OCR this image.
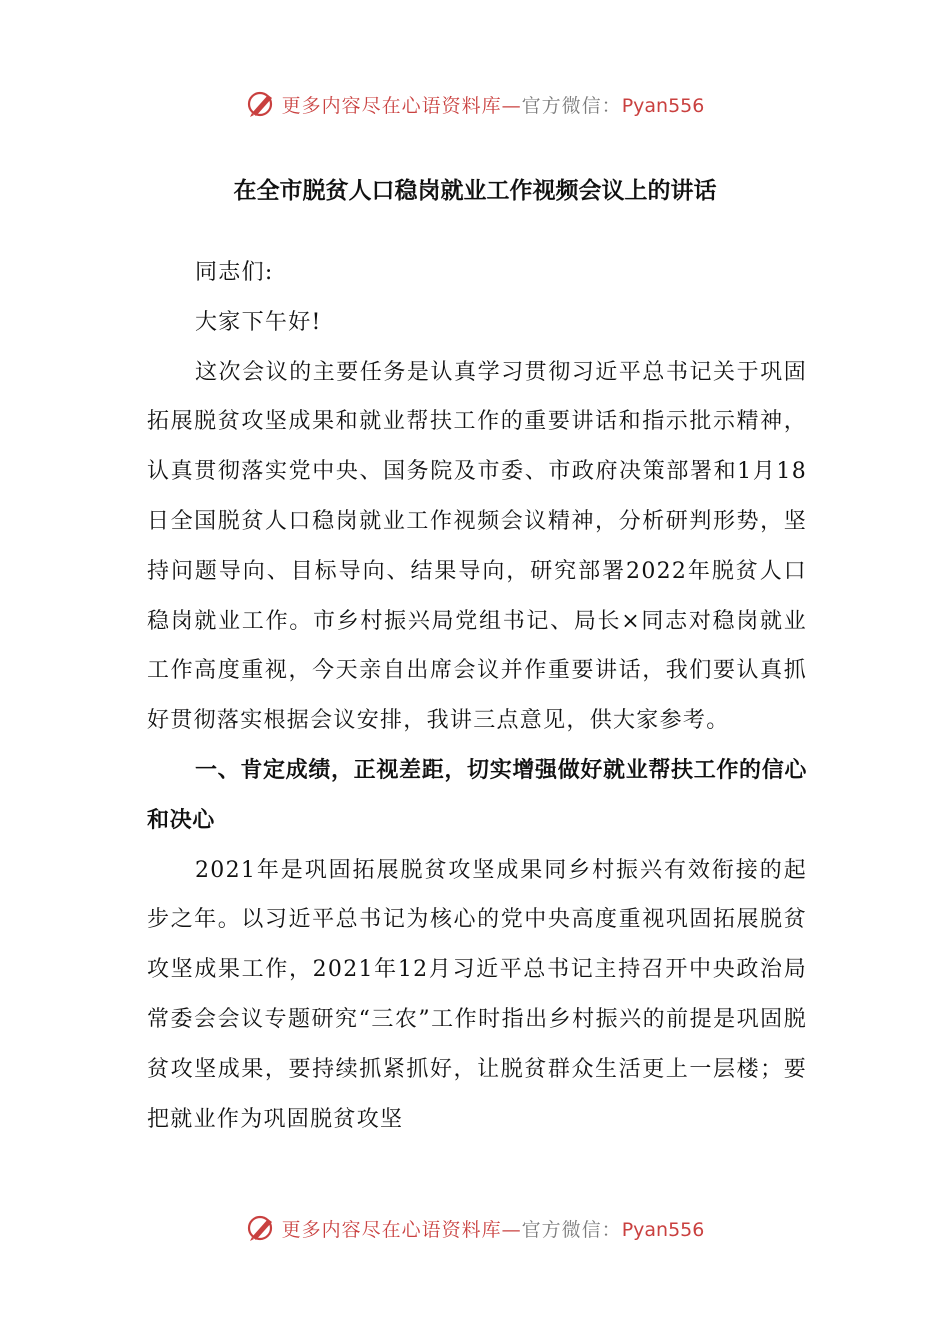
更多内容尽在心语资料库—官方微信：Pyan556
在全市脱贫人口稳岗就业工作视频会议上的讲话

同志们:

大家下午好!

这次会议的主要任务是认真学习贯彻习近平总书记关于巩固拓展脱贫攻坚成果和就业帮扶工作的重要讲话和指示批示精神，认真贯彻落实党中央、国务院及市委、市政府决策部署和1月18日全国脱贫人口稳岗就业工作视频会议精神，分析研判形势，坚持问题导向、目标导向、结果导向，研究部署2022年脱贫人口稳岗就业工作。市乡村振兴局党组书记、局长×同志对稳岗就业工作高度重视，今天亲自出席会议并作重要讲话，我们要认真抓好贯彻落实根据会议安排，我讲三点意见，供大家参考。

一、肯定成绩，正视差距，切实增强做好就业帮扶工作的信心和决心

2021年是巩固拓展脱贫攻坚成果同乡村振兴有效衔接的起步之年。以习近平总书记为核心的党中央高度重视巩固拓展脱贫攻坚成果工作，2021年12月习近平总书记主持召开中央政治局常委会会议专题研究“三农”工作时指出乡村振兴的前提是巩固脱贫攻坚成果，要持续抓紧抓好，让脱贫群众生活更上一层楼；要把就业作为巩固脱贫攻坚

更多内容尽在心语资料库—官方微信：Pyan556
